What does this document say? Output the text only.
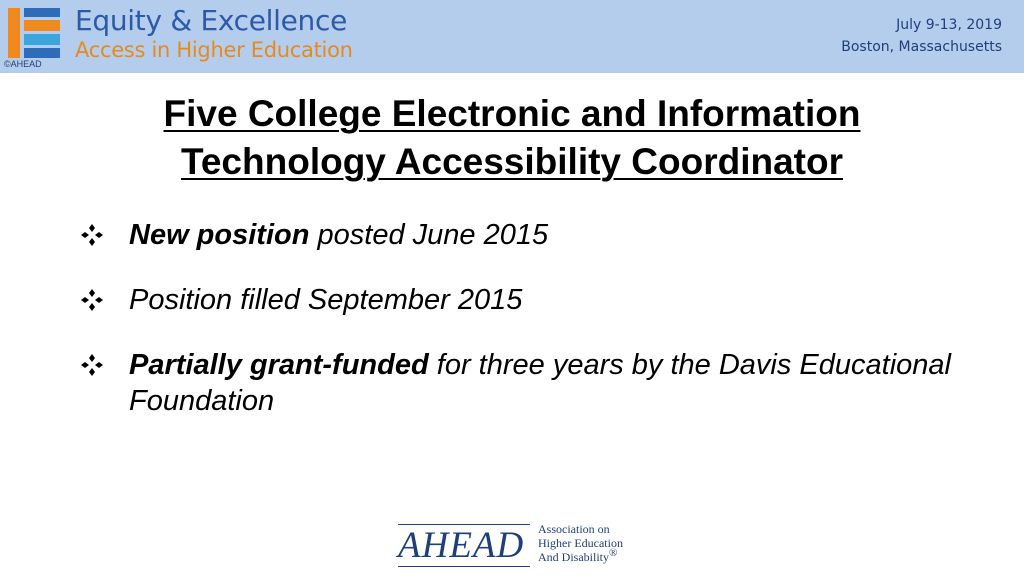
Equity & Excellence
Access in Higher Education
©AHEAD
July 9-13, 2019
Boston, Massachusetts
Five College Electronic and Information Technology Accessibility Coordinator
New position posted June 2015
Position filled September 2015
Partially grant-funded for three years by the Davis Educational Foundation
AHEAD Association on
Higher Education
And Disability®
